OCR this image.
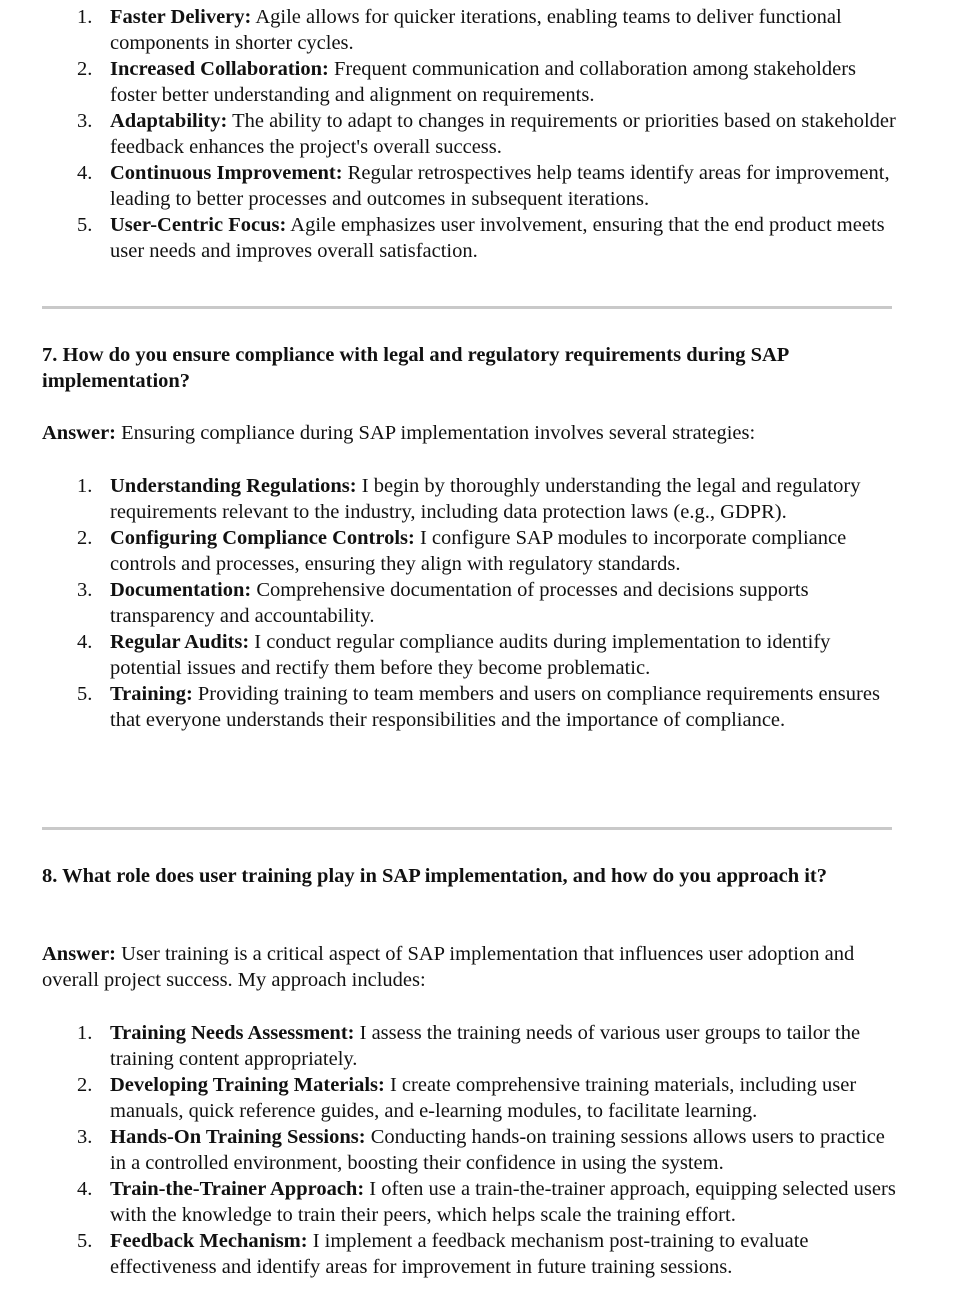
1. Faster Delivery: Agile allows for quicker iterations, enabling teams to deliver functional components in shorter cycles.
2. Increased Collaboration: Frequent communication and collaboration among stakeholders foster better understanding and alignment on requirements.
3. Adaptability: The ability to adapt to changes in requirements or priorities based on stakeholder feedback enhances the project's overall success.
4. Continuous Improvement: Regular retrospectives help teams identify areas for improvement, leading to better processes and outcomes in subsequent iterations.
5. User-Centric Focus: Agile emphasizes user involvement, ensuring that the end product meets user needs and improves overall satisfaction.

7. How do you ensure compliance with legal and regulatory requirements during SAP implementation?

Answer: Ensuring compliance during SAP implementation involves several strategies:

1. Understanding Regulations: I begin by thoroughly understanding the legal and regulatory requirements relevant to the industry, including data protection laws (e.g., GDPR).
2. Configuring Compliance Controls: I configure SAP modules to incorporate compliance controls and processes, ensuring they align with regulatory standards.
3. Documentation: Comprehensive documentation of processes and decisions supports transparency and accountability.
4. Regular Audits: I conduct regular compliance audits during implementation to identify potential issues and rectify them before they become problematic.
5. Training: Providing training to team members and users on compliance requirements ensures that everyone understands their responsibilities and the importance of compliance.

8. What role does user training play in SAP implementation, and how do you approach it?

Answer: User training is a critical aspect of SAP implementation that influences user adoption and overall project success. My approach includes:

1. Training Needs Assessment: I assess the training needs of various user groups to tailor the training content appropriately.
2. Developing Training Materials: I create comprehensive training materials, including user manuals, quick reference guides, and e-learning modules, to facilitate learning.
3. Hands-On Training Sessions: Conducting hands-on training sessions allows users to practice in a controlled environment, boosting their confidence in using the system.
4. Train-the-Trainer Approach: I often use a train-the-trainer approach, equipping selected users with the knowledge to train their peers, which helps scale the training effort.
5. Feedback Mechanism: I implement a feedback mechanism post-training to evaluate effectiveness and identify areas for improvement in future training sessions.
